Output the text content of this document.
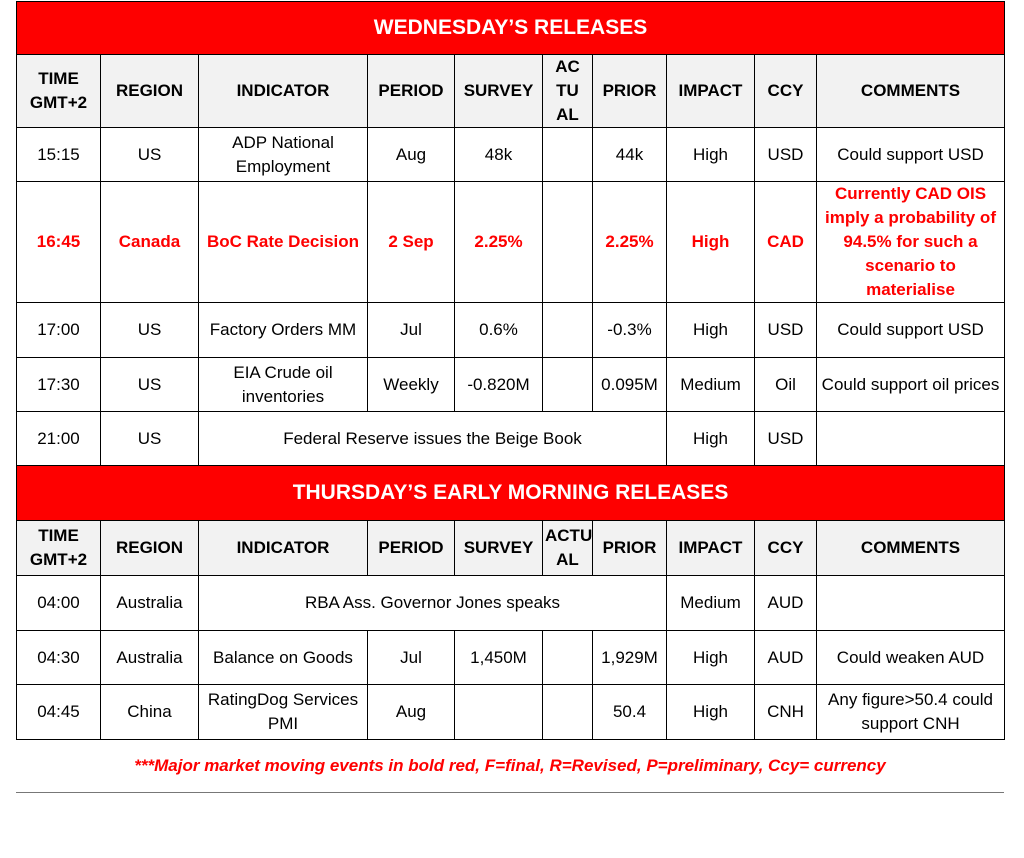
WEDNESDAY’S RELEASES									
TIME GMT+2	REGION	INDICATOR	PERIOD	SURVEY	AC TU AL	PRIOR	IMPACT	CCY	COMMENTS
15:15	US	ADP National Employment	Aug	48k		44k	High	USD	Could support USD
16:45	Canada	BoC Rate Decision	2 Sep	2.25%		2.25%	High	CAD	Currently CAD OIS imply a probability of 94.5% for such a scenario to materialise
17:00	US	Factory Orders MM	Jul	0.6%		-0.3%	High	USD	Could support USD
17:30	US	EIA Crude oil inventories	Weekly	-0.820M		0.095M	Medium	Oil	Could support oil prices
21:00	US	Federal Reserve issues the Beige Book					High	USD	
THURSDAY’S EARLY MORNING RELEASES									
TIME GMT+2	REGION	INDICATOR	PERIOD	SURVEY	ACTU AL	PRIOR	IMPACT	CCY	COMMENTS
04:00	Australia	RBA Ass. Governor Jones speaks					Medium	AUD	
04:30	Australia	Balance on Goods	Jul	1,450M		1,929M	High	AUD	Could weaken AUD
04:45	China	RatingDog Services PMI	Aug			50.4	High	CNH	Any figure>50.4 could support CNH
***Major market moving events in bold red, F=final, R=Revised, P=preliminary, Ccy= currency
